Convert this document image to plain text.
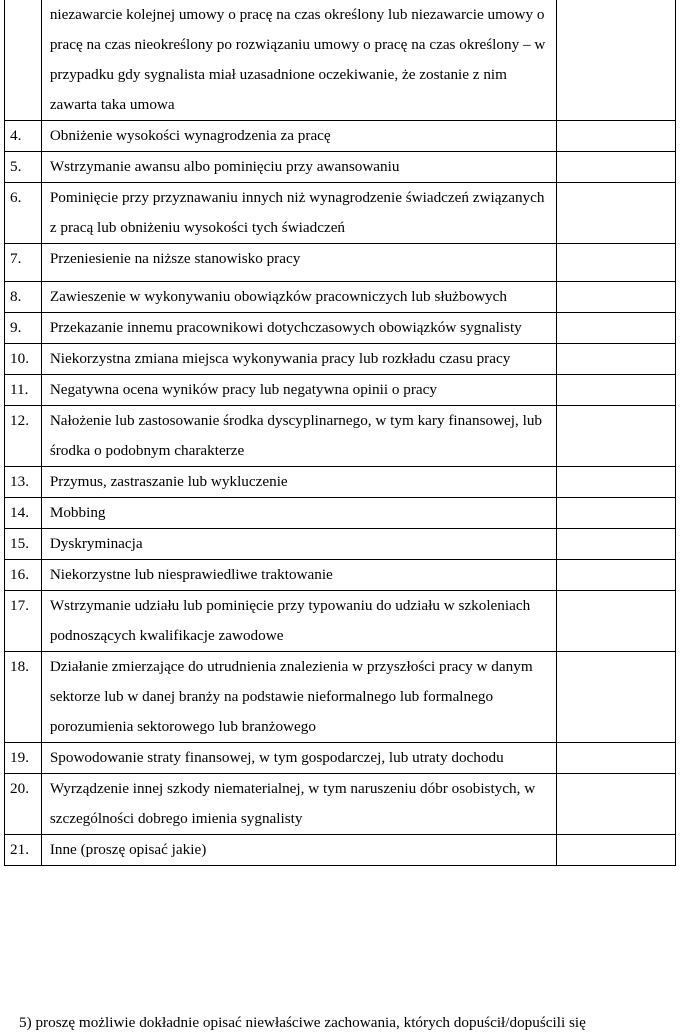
	niezawarcie kolejnej umowy o pracę na czas określony lub niezawarcie umowy o pracę na czas nieokreślony po rozwiązaniu umowy o pracę na czas określony – w przypadku gdy sygnalista miał uzasadnione oczekiwanie, że zostanie z nim zawarta taka umowa	
4.	Obniżenie wysokości wynagrodzenia za pracę	
5.	Wstrzymanie awansu albo pominięciu przy awansowaniu	
6.	Pominięcie przy przyznawaniu innych niż wynagrodzenie świadczeń związanych z pracą lub obniżeniu wysokości tych świadczeń	
7.	Przeniesienie na niższe stanowisko pracy	
8.	Zawieszenie w wykonywaniu obowiązków pracowniczych lub służbowych	
9.	Przekazanie innemu pracownikowi dotychczasowych obowiązków sygnalisty	
10.	Niekorzystna zmiana miejsca wykonywania pracy lub rozkładu czasu pracy	
11.	Negatywna ocena wyników pracy lub negatywna opinii o pracy	
12.	Nałożenie lub zastosowanie środka dyscyplinarnego, w tym kary finansowej, lub środka o podobnym charakterze	
13.	Przymus, zastraszanie lub wykluczenie	
14.	Mobbing	
15.	Dyskryminacja	
16.	Niekorzystne lub niesprawiedliwe traktowanie	
17.	Wstrzymanie udziału lub pominięcie przy typowaniu do udziału w szkoleniach podnoszących kwalifikacje zawodowe	
18.	Działanie zmierzające do utrudnienia znalezienia w przyszłości pracy w danym sektorze lub w danej branży na podstawie nieformalnego lub formalnego porozumienia sektorowego lub branżowego	
19.	Spowodowanie straty finansowej, w tym gospodarczej, lub utraty dochodu	
20.	Wyrządzenie innej szkody niematerialnej, w tym naruszeniu dóbr osobistych, w szczególności dobrego imienia sygnalisty	
21.	Inne (proszę opisać jakie)	
5) proszę możliwie dokładnie opisać niewłaściwe zachowania, których dopuścił/dopuścili się
